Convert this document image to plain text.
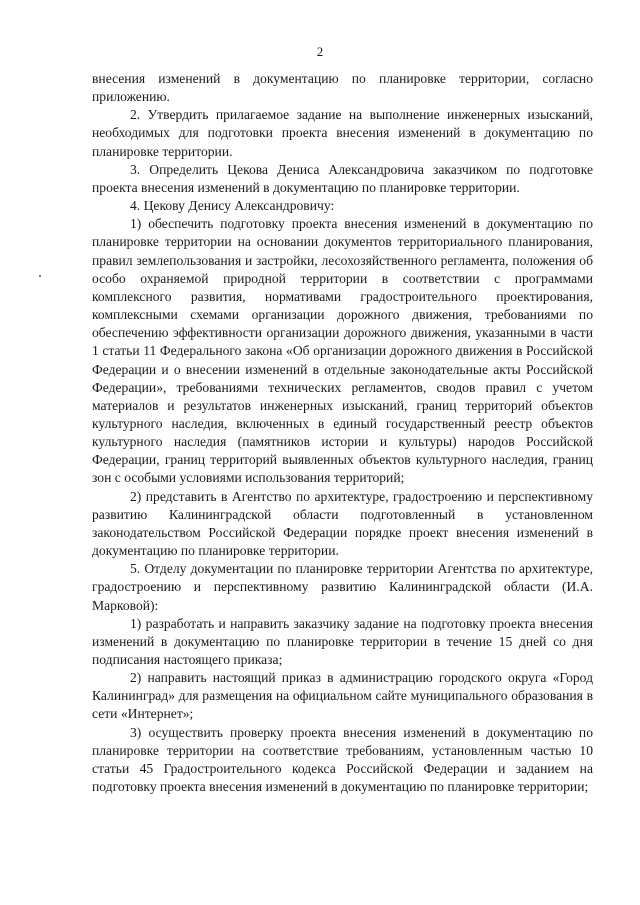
2

внесения изменений в документацию по планировке территории, согласно приложению.

2. Утвердить прилагаемое задание на выполнение инженерных изысканий, необходимых для подготовки проекта внесения изменений в документацию по планировке территории.

3. Определить Цекова Дениса Александровича заказчиком по подготовке проекта внесения изменений в документацию по планировке территории.

4. Цекову Денису Александровичу:

1) обеспечить подготовку проекта внесения изменений в документацию по планировке территории на основании документов территориального планирования, правил землепользования и застройки, лесохозяйственного регламента, положения об особо охраняемой природной территории в соответствии с программами комплексного развития, нормативами градостроительного проектирования, комплексными схемами организации дорожного движения, требованиями по обеспечению эффективности организации дорожного движения, указанными в части 1 статьи 11 Федерального закона «Об организации дорожного движения в Российской Федерации и о внесении изменений в отдельные законодательные акты Российской Федерации», требованиями технических регламентов, сводов правил с учетом материалов и результатов инженерных изысканий, границ территорий объектов культурного наследия, включенных в единый государственный реестр объектов культурного наследия (памятников истории и культуры) народов Российской Федерации, границ территорий выявленных объектов культурного наследия, границ зон с особыми условиями использования территорий;

2) представить в Агентство по архитектуре, градостроению и перспективному развитию Калининградской области подготовленный в установленном законодательством Российской Федерации порядке проект внесения изменений в документацию по планировке территории.

5. Отделу документации по планировке территории Агентства по архитектуре, градостроению и перспективному развитию Калининградской области (И.А. Марковой):

1) разработать и направить заказчику задание на подготовку проекта внесения изменений в документацию по планировке территории в течение 15 дней со дня подписания настоящего приказа;

2) направить настоящий приказ в администрацию городского округа «Город Калининград» для размещения на официальном сайте муниципального образования в сети «Интернет»;

3) осуществить проверку проекта внесения изменений в документацию по планировке территории на соответствие требованиям, установленным частью 10 статьи 45 Градостроительного кодекса Российской Федерации и заданием на подготовку проекта внесения изменений в документацию по планировке территории;
